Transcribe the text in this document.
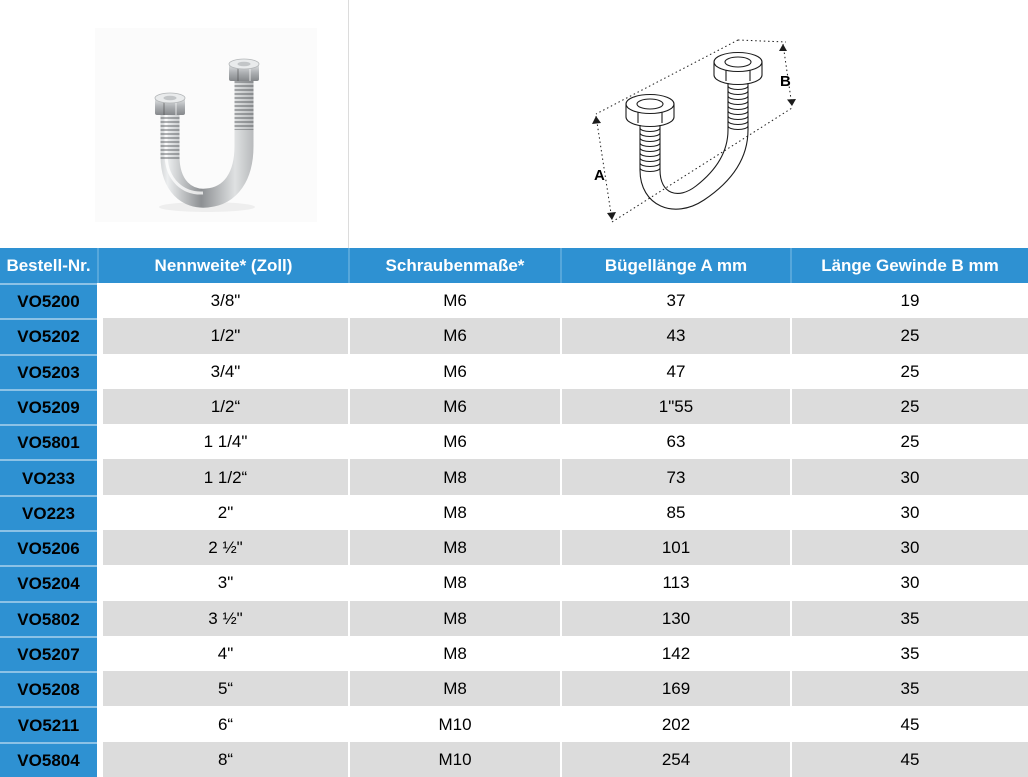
A
B
Bestell-Nr.	Nennweite* (Zoll)	Schraubenmaße*	Bügellänge A mm	Länge Gewinde B mm
VO5200	3/8"	M6	37	19
VO5202	1/2"	M6	43	25
VO5203	3/4"	M6	47	25
VO5209	1/2“	M6	1"55	25
VO5801	1 1/4"	M6	63	25
VO233	1 1/2“	M8	73	30
VO223	2"	M8	85	30
VO5206	2 ½"	M8	101	30
VO5204	3"	M8	113	30
VO5802	3 ½"	M8	130	35
VO5207	4"	M8	142	35
VO5208	5“	M8	169	35
VO5211	6“	M10	202	45
VO5804	8“	M10	254	45
